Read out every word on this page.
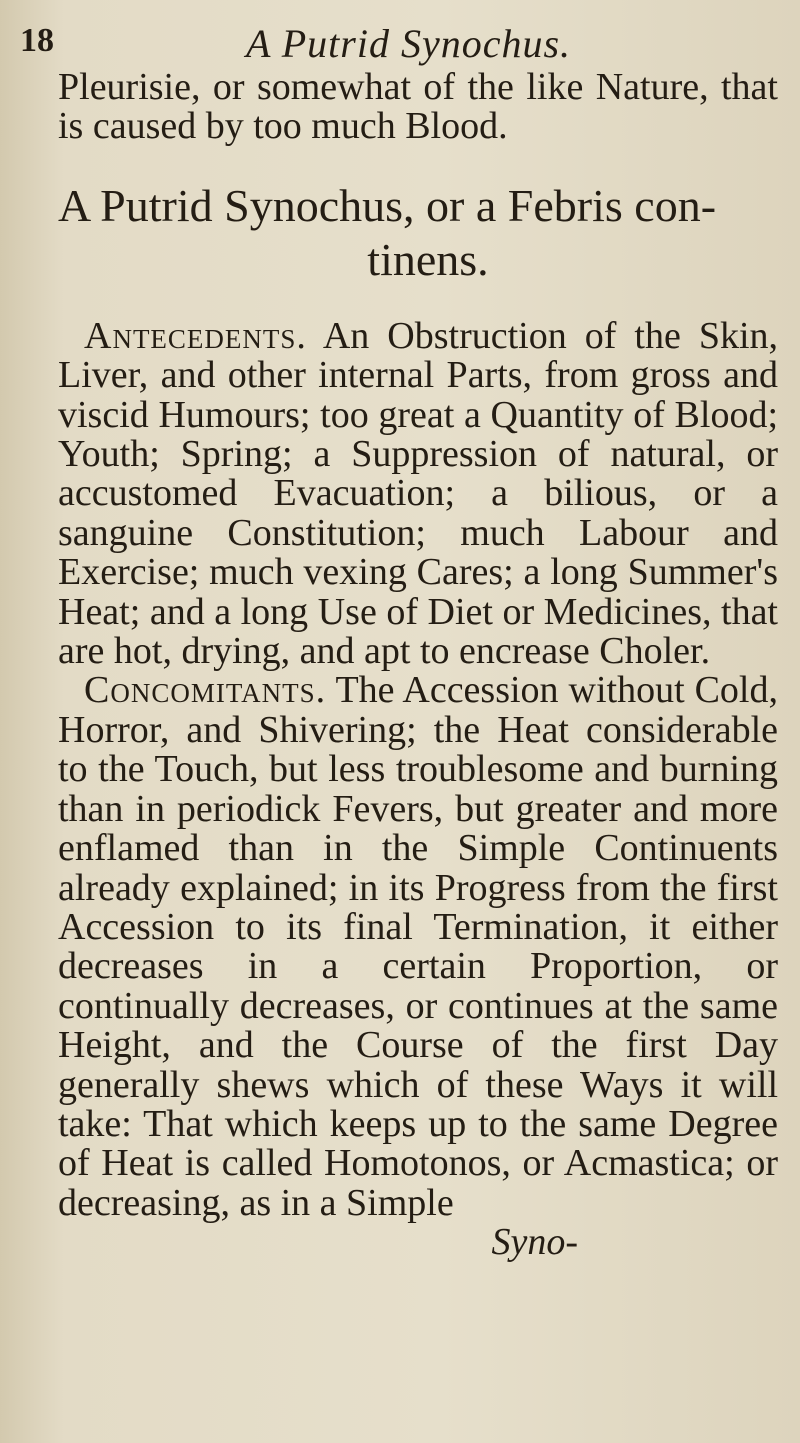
18	A Putrid Synochus.

Pleurisie, or somewhat of the like Nature, that is caused by too much Blood.

A Putrid Synochus, or a Febris con-
tinens.

Antecedents. An Obstruction of the Skin, Liver, and other internal Parts, from gross and viscid Humours; too great a Quantity of Blood; Youth; Spring; a Suppression of natural, or accustomed Evacuation; a bilious, or a sanguine Constitution; much Labour and Exercise; much vexing Cares; a long Summer's Heat; and a long Use of Diet or Medicines, that are hot, drying, and apt to encrease Choler.

Concomitants. The Accession without Cold, Horror, and Shivering; the Heat considerable to the Touch, but less troublesome and burning than in periodick Fevers, but greater and more enflamed than in the Simple Continuents already explained; in its Progress from the first Accession to its final Termination, it either decreases in a certain Proportion, or continually decreases, or continues at the same Height, and the Course of the first Day generally shews which of these Ways it will take: That which keeps up to the same Degree of Heat is called Homotonos, or Acmastica; or decreasing, as in a Simple

Syno-
